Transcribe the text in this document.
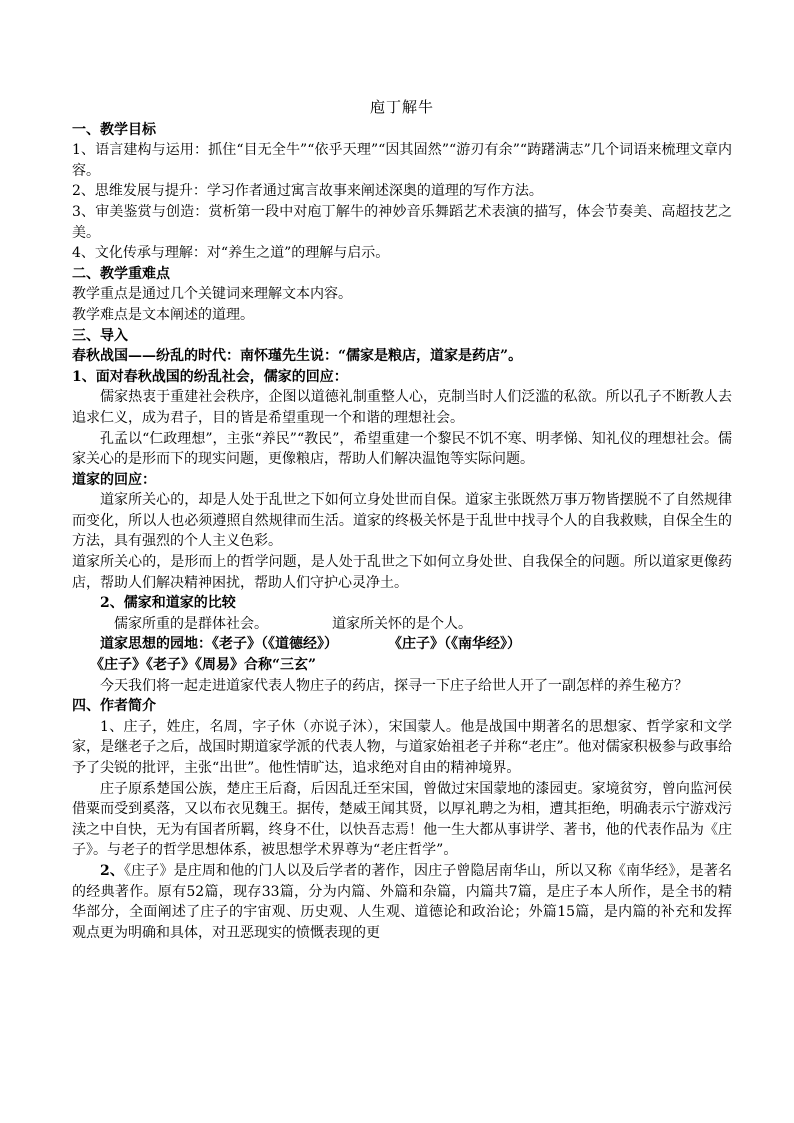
庖丁解牛

一、教学目标

1、语言建构与运用：抓住“目无全牛”“依乎天理”“因其固然”“游刃有余”“踌躇满志”几个词语来梳理文章内容。

2、思维发展与提升：学习作者通过寓言故事来阐述深奥的道理的写作方法。

3、审美鉴赏与创造：赏析第一段中对庖丁解牛的神妙音乐舞蹈艺术表演的描写，体会节奏美、高超技艺之美。

4、文化传承与理解：对“养生之道”的理解与启示。

二、教学重难点

教学重点是通过几个关键词来理解文本内容。

教学难点是文本阐述的道理。

三、导入

春秋战国——纷乱的时代：南怀瑾先生说：“儒家是粮店，道家是药店”。

1、面对春秋战国的纷乱社会，儒家的回应：

儒家热衷于重建社会秩序，企图以道德礼制重整人心，克制当时人们泛滥的私欲。所以孔子不断教人去追求仁义，成为君子，目的皆是希望重现一个和谐的理想社会。

孔孟以“仁政理想”，主张“养民”“教民”，希望重建一个黎民不饥不寒、明孝悌、知礼仪的理想社会。儒家关心的是形而下的现实问题，更像粮店，帮助人们解决温饱等实际问题。

道家的回应：

道家所关心的，却是人处于乱世之下如何立身处世而自保。道家主张既然万事万物皆摆脱不了自然规律而变化，所以人也必须遵照自然规律而生活。道家的终极关怀是于乱世中找寻个人的自我救赎，自保全生的方法，具有强烈的个人主义色彩。

道家所关心的，是形而上的哲学问题，是人处于乱世之下如何立身处世、自我保全的问题。所以道家更像药店，帮助人们解决精神困扰，帮助人们守护心灵净土。

2、儒家和道家的比较

儒家所重的是群体社会。	道家所关怀的是个人。

道家思想的园地：《老子》（《道德经》）	《庄子》（《南华经》）

《庄子》《老子》《周易》合称“三玄”

今天我们将一起走进道家代表人物庄子的药店，探寻一下庄子给世人开了一副怎样的养生秘方？

四、作者简介

1、庄子，姓庄，名周，字子休（亦说子沐），宋国蒙人。他是战国中期著名的思想家、哲学家和文学家，是继老子之后，战国时期道家学派的代表人物，与道家始祖老子并称“老庄”。他对儒家积极参与政事给予了尖锐的批评，主张“出世”。他性情旷达，追求绝对自由的精神境界。

庄子原系楚国公族，楚庄王后裔，后因乱迁至宋国，曾做过宋国蒙地的漆园吏。家境贫穷，曾向监河侯借粟而受到奚落，又以布衣见魏王。据传，楚威王闻其贤，以厚礼聘之为相，遭其拒绝，明确表示宁游戏污渎之中自快，无为有国者所羁，终身不仕，以快吾志焉！他一生大都从事讲学、著书，他的代表作品为《庄子》。与老子的哲学思想体系，被思想学术界尊为“老庄哲学”。

2、《庄子》是庄周和他的门人以及后学者的著作，因庄子曾隐居南华山，所以又称《南华经》，是著名的经典著作。原有52篇，现存33篇，分为内篇、外篇和杂篇，内篇共7篇，是庄子本人所作，是全书的精华部分，全面阐述了庄子的宇宙观、历史观、人生观、道德论和政治论；外篇15篇，是内篇的补充和发挥观点更为明确和具体，对丑恶现实的愤慨表现的更
